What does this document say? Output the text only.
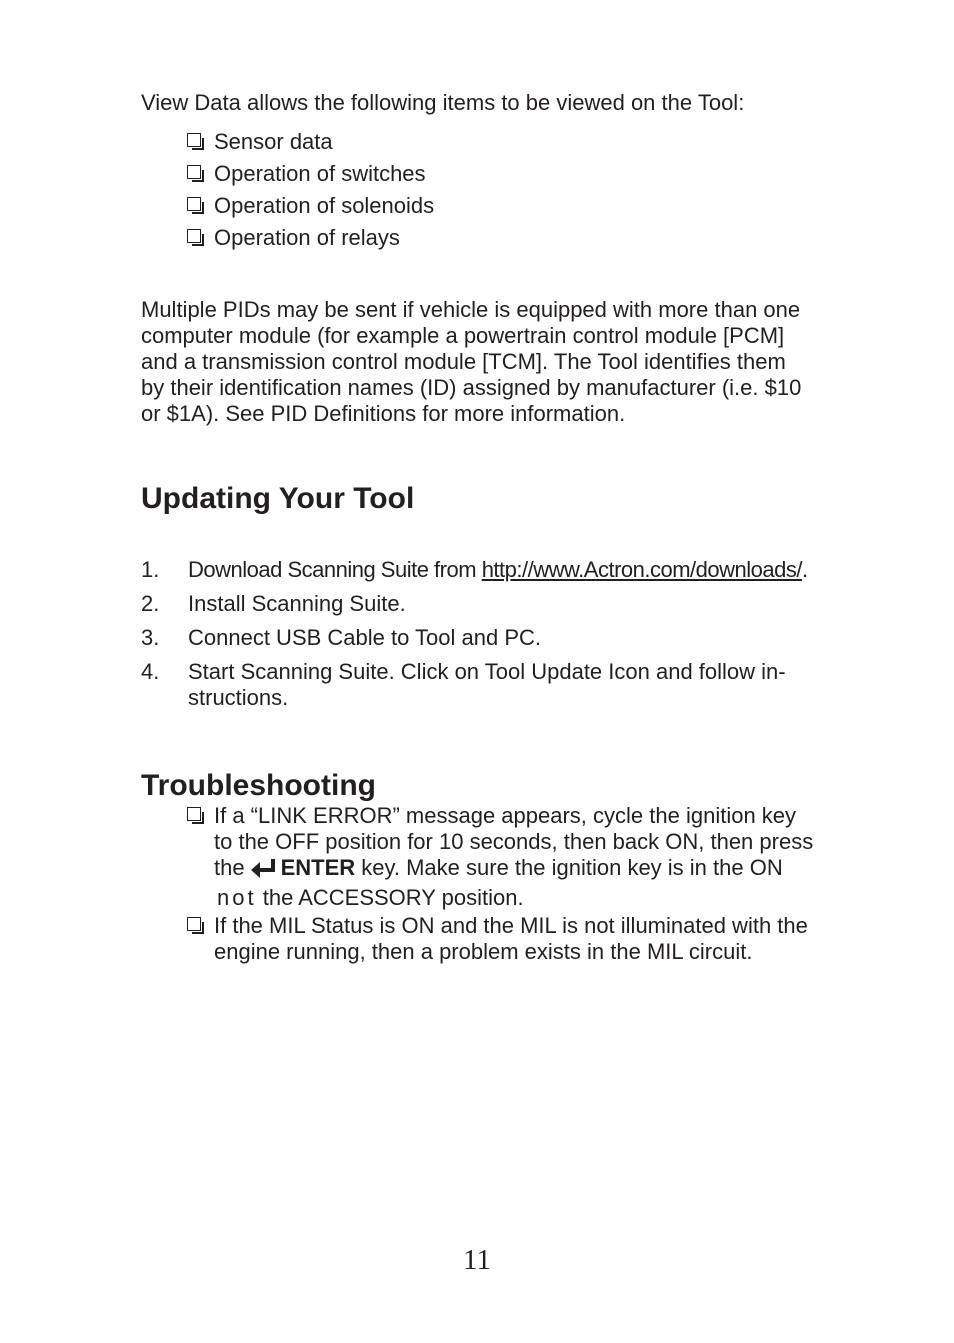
View Data allows the following items to be viewed on the Tool:
Sensor data
Operation of switches
Operation of solenoids
Operation of relays
Multiple PIDs may be sent if vehicle is equipped with more than one
computer module (for example a powertrain control module [PCM]
and a transmission control module [TCM]. The Tool identifies them
by their identification names (ID) assigned by manufacturer (i.e. $10
or $1A). See PID Definitions for more information.
Updating Your Tool
1. Download Scanning Suite from http://www.Actron.com/downloads/.
2. Install Scanning Suite.
3. Connect USB Cable to Tool and PC.
4. Start Scanning Suite. Click on Tool Update Icon and follow in-
structions.
Troubleshooting
If a “LINK ERROR” message appears, cycle the ignition key
to the OFF position for 10 seconds, then back ON, then press
the ENTER key. Make sure the ignition key is in the ON
not the ACCESSORY position.
If the MIL Status is ON and the MIL is not illuminated with the
engine running, then a problem exists in the MIL circuit.
11
